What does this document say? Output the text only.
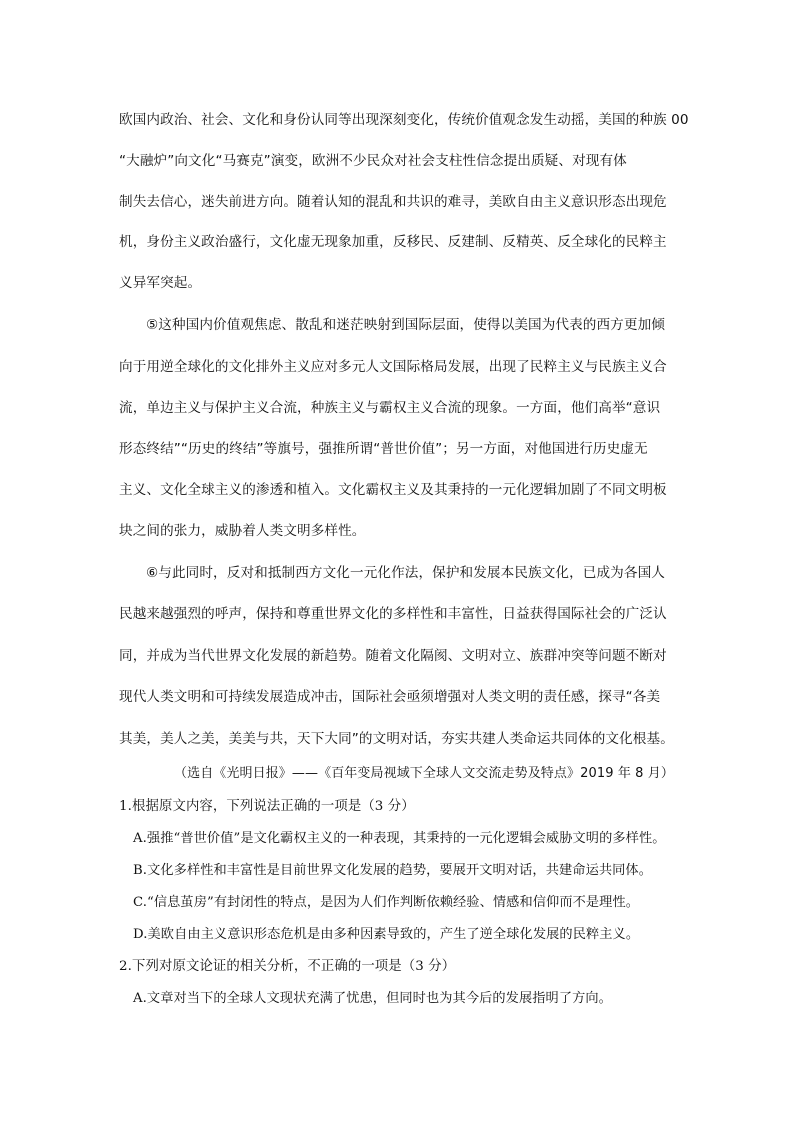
欧国内政治、社会、文化和身份认同等出现深刻变化，传统价值观念发生动摇，美国的种族 00
“大融炉”向文化“马赛克”演变，欧洲不少民众对社会支柱性信念提出质疑、对现有体
制失去信心，迷失前进方向。随着认知的混乱和共识的难寻，美欧自由主义意识形态出现危
机，身份主义政治盛行，文化虚无现象加重，反移民、反建制、反精英、反全球化的民粹主
义异军突起。
⑤这种国内价值观焦虑、散乱和迷茫映射到国际层面，使得以美国为代表的西方更加倾
向于用逆全球化的文化排外主义应对多元人文国际格局发展，出现了民粹主义与民族主义合
流，单边主义与保护主义合流，种族主义与霸权主义合流的现象。一方面，他们高举“意识
形态终结”“历史的终结”等旗号，强推所谓“普世价值”；另一方面，对他国进行历史虚无
主义、文化全球主义的渗透和植入。文化霸权主义及其秉持的一元化逻辑加剧了不同文明板
块之间的张力，威胁着人类文明多样性。
⑥与此同时，反对和抵制西方文化一元化作法，保护和发展本民族文化，已成为各国人
民越来越强烈的呼声，保持和尊重世界文化的多样性和丰富性，日益获得国际社会的广泛认
同，并成为当代世界文化发展的新趋势。随着文化隔阂、文明对立、族群冲突等问题不断对
现代人类文明和可持续发展造成冲击，国际社会亟须增强对人类文明的责任感，探寻“各美
其美，美人之美，美美与共，天下大同”的文明对话，夯实共建人类命运共同体的文化根基。
（选自《光明日报》——《百年变局视域下全球人文交流走势及特点》2019 年 8 月）
1.根据原文内容，下列说法正确的一项是（3 分）
A.强推“普世价值”是文化霸权主义的一种表现，其秉持的一元化逻辑会威胁文明的多样性。
B.文化多样性和丰富性是目前世界文化发展的趋势，要展开文明对话，共建命运共同体。
C.“信息茧房”有封闭性的特点，是因为人们作判断依赖经验、情感和信仰而不是理性。
D.美欧自由主义意识形态危机是由多种因素导致的，产生了逆全球化发展的民粹主义。
2.下列对原文论证的相关分析，不正确的一项是（3 分）
A.文章对当下的全球人文现状充满了忧患，但同时也为其今后的发展指明了方向。
